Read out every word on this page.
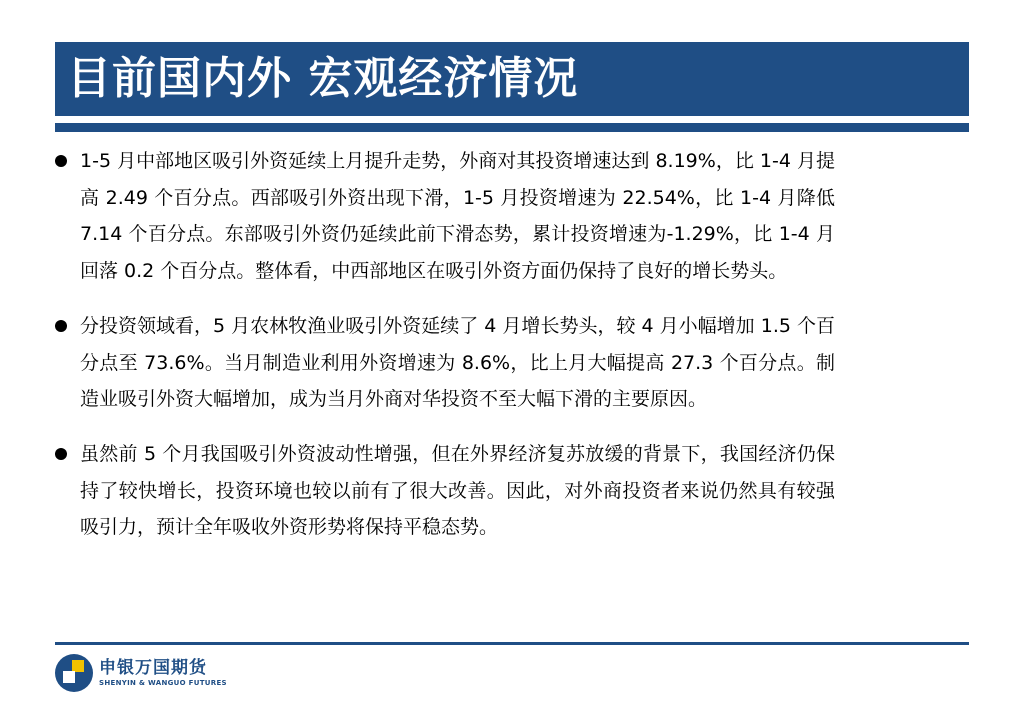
目前国内外 宏观经济情况
1-5 月中部地区吸引外资延续上月提升走势，外商对其投资增速达到 8.19%，比 1-4 月提高 2.49 个百分点。西部吸引外资出现下滑，1-5 月投资增速为 22.54%，比 1-4 月降低 7.14 个百分点。东部吸引外资仍延续此前下滑态势，累计投资增速为-1.29%，比 1-4 月回落 0.2 个百分点。整体看，中西部地区在吸引外资方面仍保持了良好的增长势头。
分投资领域看，5 月农林牧渔业吸引外资延续了 4 月增长势头，较 4 月小幅增加 1.5 个百分点至 73.6%。当月制造业利用外资增速为 8.6%，比上月大幅提高 27.3 个百分点。制造业吸引外资大幅增加，成为当月外商对华投资不至大幅下滑的主要原因。
虽然前 5 个月我国吸引外资波动性增强，但在外界经济复苏放缓的背景下，我国经济仍保持了较快增长，投资环境也较以前有了很大改善。因此，对外商投资者来说仍然具有较强吸引力，预计全年吸收外资形势将保持平稳态势。
申银万国期货
SHENYIN & WANGUO FUTURES
